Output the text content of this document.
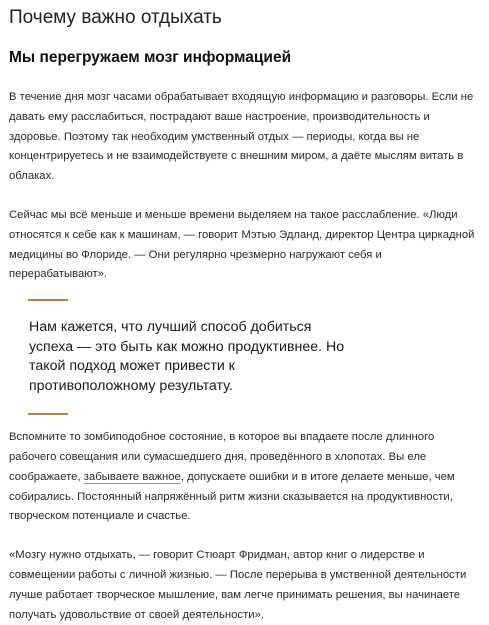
Почему важно отдыхать
Мы перегружаем мозг информацией

В течение дня мозг часами обрабатывает входящую информацию и разговоры. Если не давать ему расслабиться, пострадают ваше настроение, производительность и здоровье. Поэтому так необходим умственный отдых — периоды, когда вы не концентрируетесь и не взаимодействуете с внешним миром, а даёте мыслям витать в облаках.

Сейчас мы всё меньше и меньше времени выделяем на такое расслабление. «Люди относятся к себе как к машинам, — говорит Мэтью Эдланд, директор Центра циркадной медицины во Флориде. — Они регулярно чрезмерно нагружают себя и перерабатывают».

Нам кажется, что лучший способ добиться успеха — это быть как можно продуктивнее. Но такой подход может привести к противоположному результату.

Вспомните то зомбиподобное состояние, в которое вы впадаете после длинного рабочего совещания или сумасшедшего дня, проведённого в хлопотах. Вы еле соображаете, забываете важное, допускаете ошибки и в итоге делаете меньше, чем собирались. Постоянный напряжённый ритм жизни сказывается на продуктивности, творческом потенциале и счастье.

«Мозгу нужно отдыхать, — говорит Стюарт Фридман, автор книг о лидерстве и совмещении работы с личной жизнью. — После перерыва в умственной деятельности лучше работает творческое мышление, вам легче принимать решения, вы начинаете получать удовольствие от своей деятельности».
